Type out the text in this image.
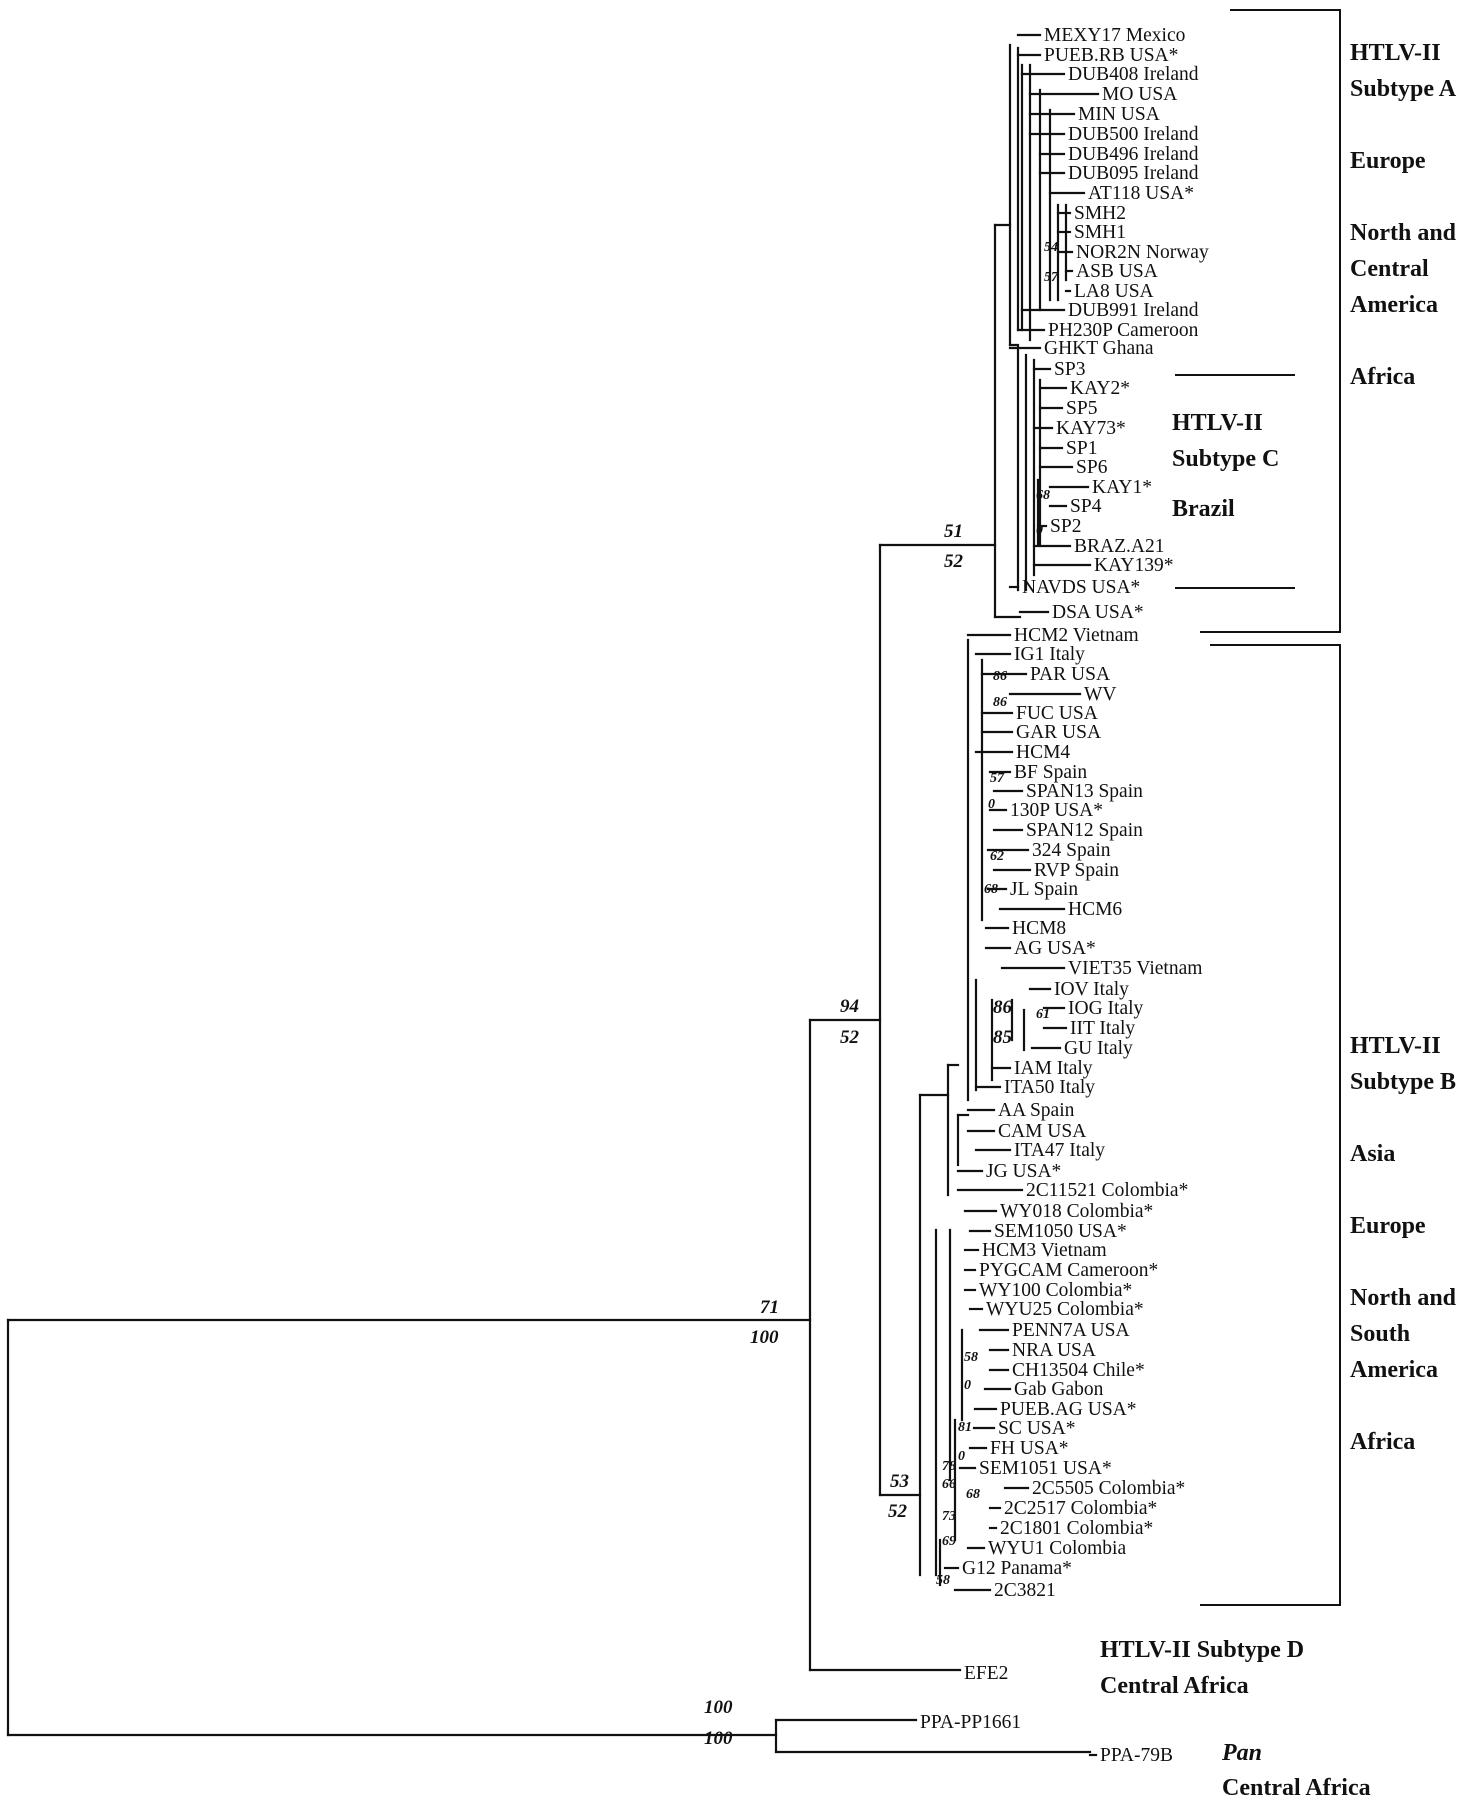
MEXY17 Mexico
PUEB.RB USA*
DUB408 Ireland
MO USA
MIN USA
DUB500 Ireland
DUB496 Ireland
DUB095 Ireland
AT118 USA*
SMH2
SMH1
NOR2N Norway
ASB USA
LA8 USA
DUB991 Ireland
PH230P Cameroon
GHKT Ghana
SP3
KAY2*
SP5
KAY73*
SP1
SP6
KAY1*
SP4
SP2
BRAZ.A21
KAY139*
NAVDS USA*
DSA USA*
HCM2 Vietnam
IG1 Italy
PAR USA
WV
FUC USA
GAR USA
HCM4
BF Spain
SPAN13 Spain
130P USA*
SPAN12 Spain
324 Spain
RVP Spain
JL Spain
HCM6
HCM8
AG USA*
VIET35 Vietnam
IOV Italy
IOG Italy
IIT Italy
GU Italy
IAM Italy
ITA50 Italy
AA Spain
CAM USA
ITA47 Italy
JG USA*
2C11521 Colombia*
WY018 Colombia*
SEM1050 USA*
HCM3 Vietnam
PYGCAM Cameroon*
WY100 Colombia*
WYU25 Colombia*
PENN7A USA
NRA USA
CH13504 Chile*
Gab Gabon
PUEB.AG USA*
SC USA*
FH USA*
SEM1051 USA*
2C5505 Colombia*
2C2517 Colombia*
2C1801 Colombia*
WYU1 Colombia
G12 Panama*
2C3821
EFE2
PPA-PP1661
PPA-79B
71
100
94
52
51
52
53
52
100
100
86
85
54
57
68
0
86
86
57
0
62
68
61
58
0
81
0
78
66
68
73
69
58
HTLV-II
Subtype A
Europe
North and
Central
America
Africa
HTLV-II
Subtype C
Brazil
HTLV-II
Subtype B
Asia
Europe
North and
South
America
Africa
HTLV-II Subtype D
Central Africa
Pan
Central Africa
